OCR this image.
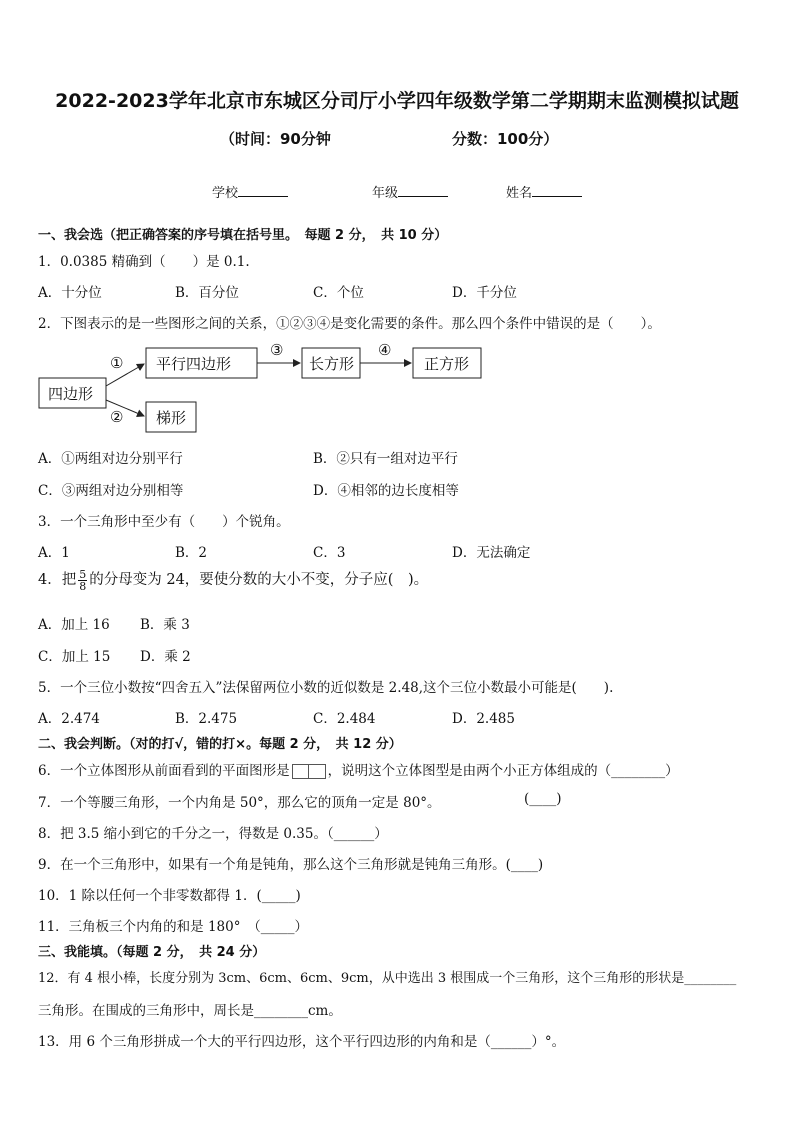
2022-2023学年北京市东城区分司厅小学四年级数学第二学期期末监测模拟试题
（时间：90分钟	分数：100分）
学校	年级	姓名
一、我会选（把正确答案的序号填在括号里。　每题 2 分，　共 10 分）
1．0.0385 精确到（　　）是 0.1.
A．十分位	B．百分位	C．个位	D．千分位
2．下图表示的是一些图形之间的关系，①②③④是变化需要的条件。那么四个条件中错误的是（　　）。
四边形
平行四边形	长方形	正方形
梯形
①
②
③	④
A．①两组对边分别平行	B．②只有一组对边平行
C．③两组对边分别相等	D．④相邻的边长度相等
3．一个三角形中至少有（　　）个锐角。
A．1	B．2	C．3	D．无法确定
4．把 $\frac{5}{8}$ 的分母变为 24，要使分数的大小不变，分子应(　)。
A．加上 16 B．乘 3
C．加上 15 D．乘 2
5．一个三位小数按“四舍五入”法保留两位小数的近似数是 2.48,这个三位小数最小可能是(　　).
A．2.474	B．2.475	C．2.484	D．2.485
二、我会判断。（对的打√，错的打×。每题 2 分，　共 12 分）
6．一个立体图形从前面看到的平面图形是	，说明这个立体图型是由两个小正方体组成的（________）
7．一个等腰三角形，一个内角是 50°，那么它的顶角一定是 80°。	(____)
8．把 3.5 缩小到它的千分之一，得数是 0.35。（______）
9．在一个三角形中，如果有一个角是钝角，那么这个三角形就是钝角三角形。(____)
10．1 除以任何一个非零数都得 1．(_____)
11．三角板三个内角的和是 180°　（_____）
三、我能填。（每题 2 分，　共 24 分）
12．有 4 根小棒，长度分别为 3cm、6cm、6cm、9cm，从中选出 3 根围成一个三角形，这个三角形的形状是________
三角形。在围成的三角形中，周长是________cm。
13．用 6 个三角形拼成一个大的平行四边形，这个平行四边形的内角和是（______）°。
